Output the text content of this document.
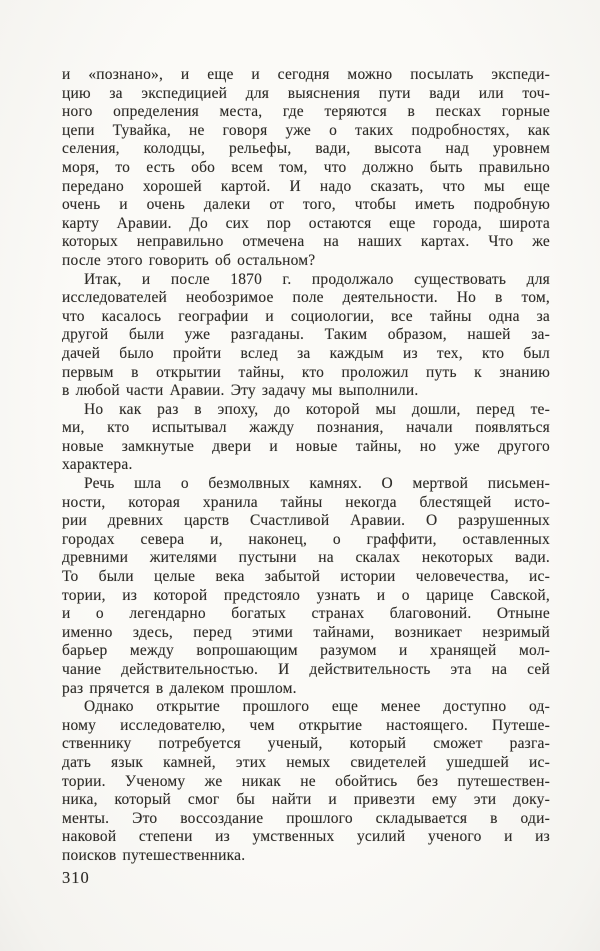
и «познано», и еще и сегодня можно посылать экспеди-
цию за экспедицией для выяснения пути вади или точ-
ного определения места, где теряются в песках горные
цепи Тувайка, не говоря уже о таких подробностях, как
селения, колодцы, рельефы, вади, высота над уровнем
моря, то есть обо всем том, что должно быть правильно
передано хорошей картой. И надо сказать, что мы еще
очень и очень далеки от того, чтобы иметь подробную
карту Аравии. До сих пор остаются еще города, широта
которых неправильно отмечена на наших картах. Что же
после этого говорить об остальном?
Итак, и после 1870 г. продолжало существовать для
исследователей необозримое поле деятельности. Но в том,
что касалось географии и социологии, все тайны одна за
другой были уже разгаданы. Таким образом, нашей за-
дачей было пройти вслед за каждым из тех, кто был
первым в открытии тайны, кто проложил путь к знанию
в любой части Аравии. Эту задачу мы выполнили.
Но как раз в эпоху, до которой мы дошли, перед те-
ми, кто испытывал жажду познания, начали появляться
новые замкнутые двери и новые тайны, но уже другого
характера.
Речь шла о безмолвных камнях. О мертвой письмен-
ности, которая хранила тайны некогда блестящей исто-
рии древних царств Счастливой Аравии. О разрушенных
городах севера и, наконец, о граффити, оставленных
древними жителями пустыни на скалах некоторых вади.
То были целые века забытой истории человечества, ис-
тории, из которой предстояло узнать и о царице Савской,
и о легендарно богатых странах благовоний. Отныне
именно здесь, перед этими тайнами, возникает незримый
барьер между вопрошающим разумом и хранящей мол-
чание действительностью. И действительность эта на сей
раз прячется в далеком прошлом.
Однако открытие прошлого еще менее доступно од-
ному исследователю, чем открытие настоящего. Путеше-
ственнику потребуется ученый, который сможет разга-
дать язык камней, этих немых свидетелей ушедшей ис-
тории. Ученому же никак не обойтись без путешествен-
ника, который смог бы найти и привезти ему эти доку-
менты. Это воссоздание прошлого складывается в оди-
наковой степени из умственных усилий ученого и из
поисков путешественника.
310
